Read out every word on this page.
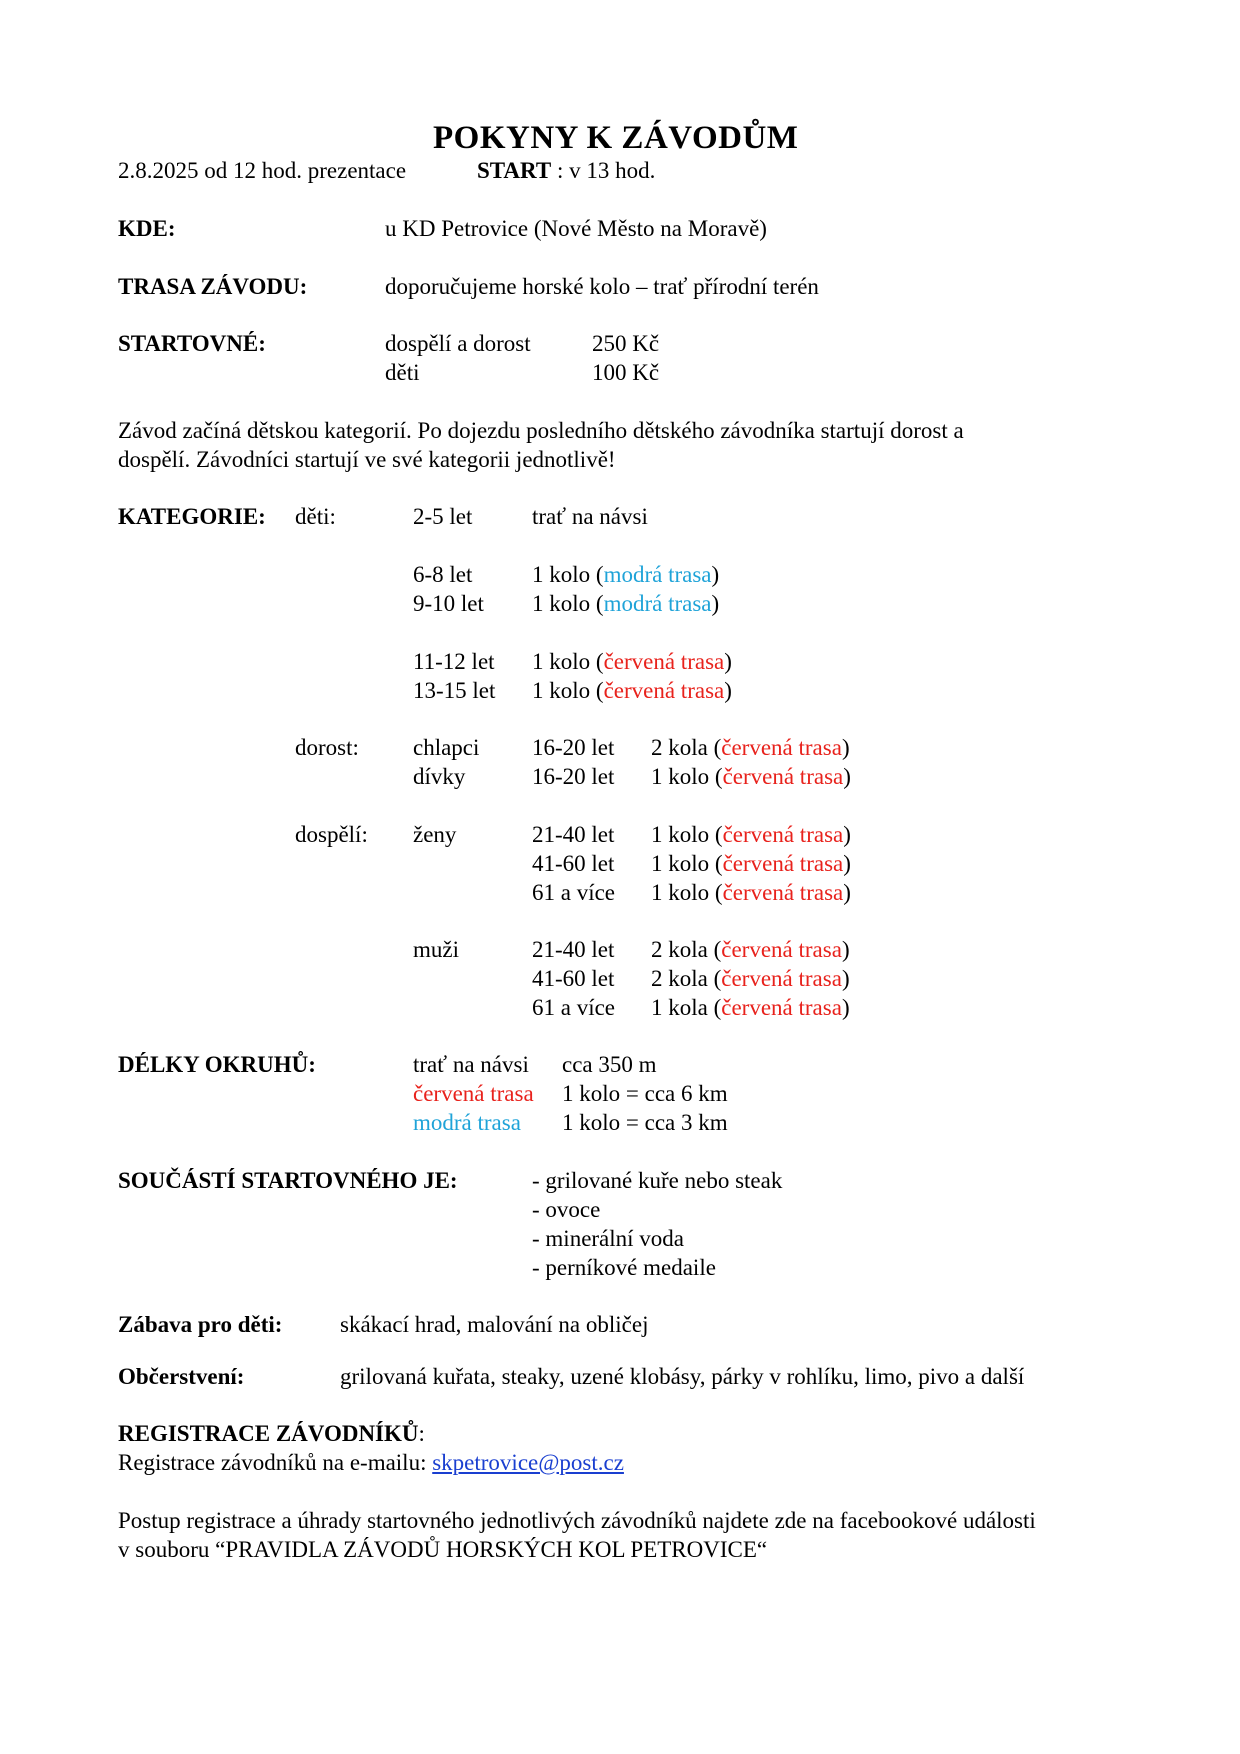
POKYNY K ZÁVODŮM
2.8.2025 od 12 hod. prezentace	START : v 13 hod.
KDE:	u KD Petrovice (Nové Město na Moravě)
TRASA ZÁVODU:	doporučujeme horské kolo – trať přírodní terén
STARTOVNÉ:	dospělí a dorost	250 Kč
děti	100 Kč
Závod začíná dětskou kategorií. Po dojezdu posledního dětského závodníka startují dorost a
dospělí. Závodníci startují ve své kategorii jednotlivě!
KATEGORIE: děti:	2-5 let	trať na návsi
6-8 let	1 kolo (modrá trasa)
9-10 let 1 kolo (modrá trasa)
11-12 let 1 kolo (červená trasa)
13-15 let 1 kolo (červená trasa)
dorost: chlapci 16-20 let 2 kola (červená trasa)
dívky	16-20 let 1 kolo (červená trasa)
dospělí: ženy	21-40 let 1 kolo (červená trasa)
41-60 let 1 kolo (červená trasa)
61 a více 1 kolo (červená trasa)
muži	21-40 let 2 kola (červená trasa)
41-60 let 2 kola (červená trasa)
61 a více 1 kola (červená trasa)
DÉLKY OKRUHŮ:	trať na návsi cca 350 m
červená trasa 1 kolo = cca 6 km
modrá trasa 1 kolo = cca 3 km
SOUČÁSTÍ STARTOVNÉHO JE:	- grilované kuře nebo steak
- ovoce
- minerální voda
- perníkové medaile
Zábava pro děti:	skákací hrad, malování na obličej
Občerstvení:	grilovaná kuřata, steaky, uzené klobásy, párky v rohlíku, limo, pivo a další
REGISTRACE ZÁVODNÍKŮ:
Registrace závodníků na e-mailu: skpetrovice@post.cz
Postup registrace a úhrady startovného jednotlivých závodníků najdete zde na facebookové události
v souboru “PRAVIDLA ZÁVODŮ HORSKÝCH KOL PETROVICE“
